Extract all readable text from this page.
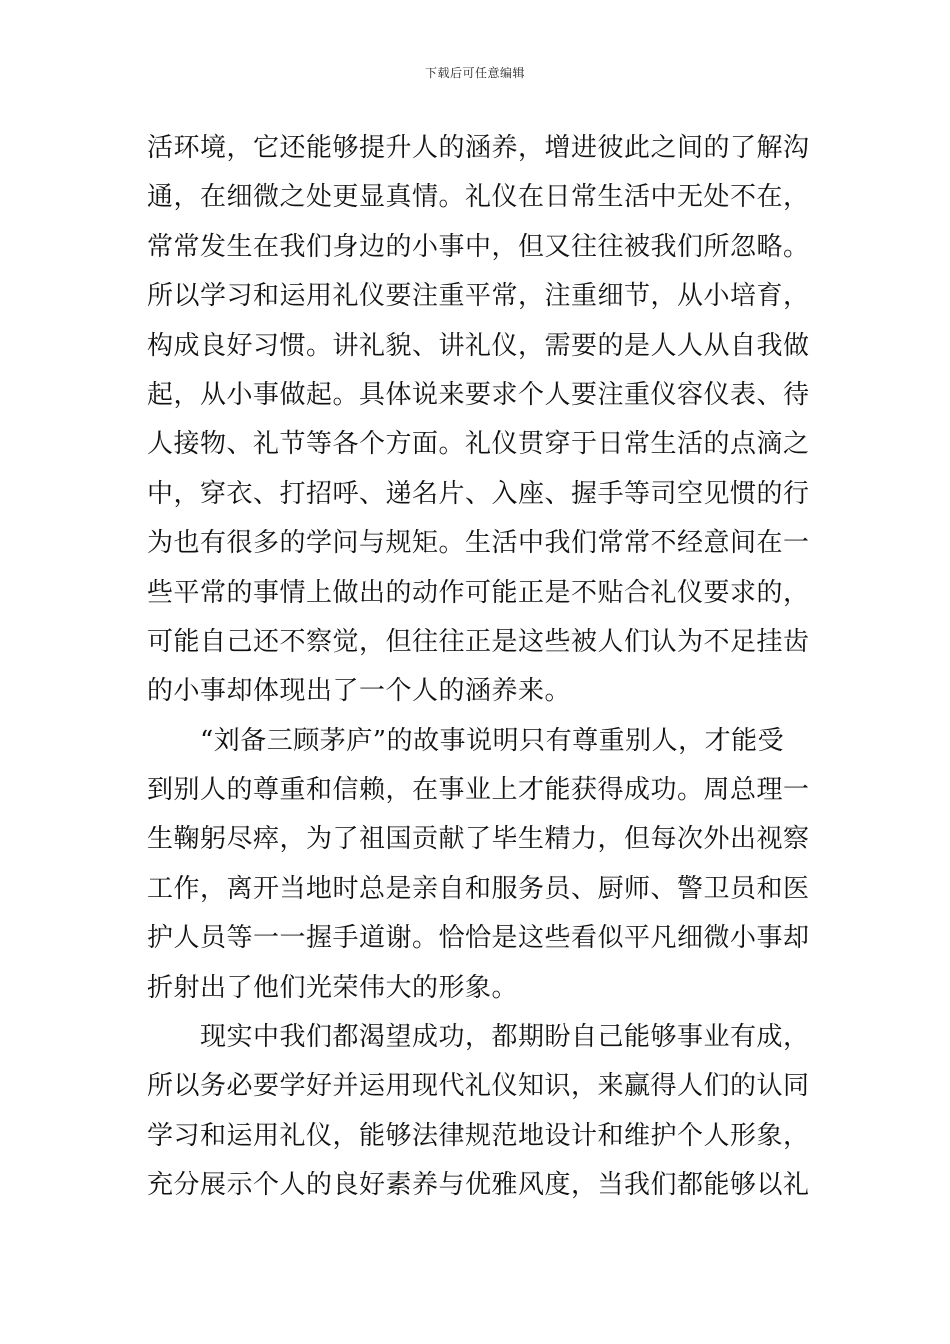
下载后可任意编辑
活环境，它还能够提升人的涵养，增进彼此之间的了解沟
通，在细微之处更显真情。礼仪在日常生活中无处不在，
常常发生在我们身边的小事中，但又往往被我们所忽略。
所以学习和运用礼仪要注重平常，注重细节，从小培育，
构成良好习惯。讲礼貌、讲礼仪，需要的是人人从自我做
起，从小事做起。具体说来要求个人要注重仪容仪表、待
人接物、礼节等各个方面。礼仪贯穿于日常生活的点滴之
中，穿衣、打招呼、递名片、入座、握手等司空见惯的行
为也有很多的学问与规矩。生活中我们常常不经意间在一
些平常的事情上做出的动作可能正是不贴合礼仪要求的，
可能自己还不察觉，但往往正是这些被人们认为不足挂齿
的小事却体现出了一个人的涵养来。
　　“刘备三顾茅庐”的故事说明只有尊重别人，才能受
到别人的尊重和信赖，在事业上才能获得成功。周总理一
生鞠躬尽瘁，为了祖国贡献了毕生精力，但每次外出视察
工作，离开当地时总是亲自和服务员、厨师、警卫员和医
护人员等一一握手道谢。恰恰是这些看似平凡细微小事却
折射出了他们光荣伟大的形象。
　　现实中我们都渴望成功，都期盼自己能够事业有成，
所以务必要学好并运用现代礼仪知识，来赢得人们的认同
学习和运用礼仪，能够法律规范地设计和维护个人形象，
充分展示个人的良好素养与优雅风度，当我们都能够以礼
